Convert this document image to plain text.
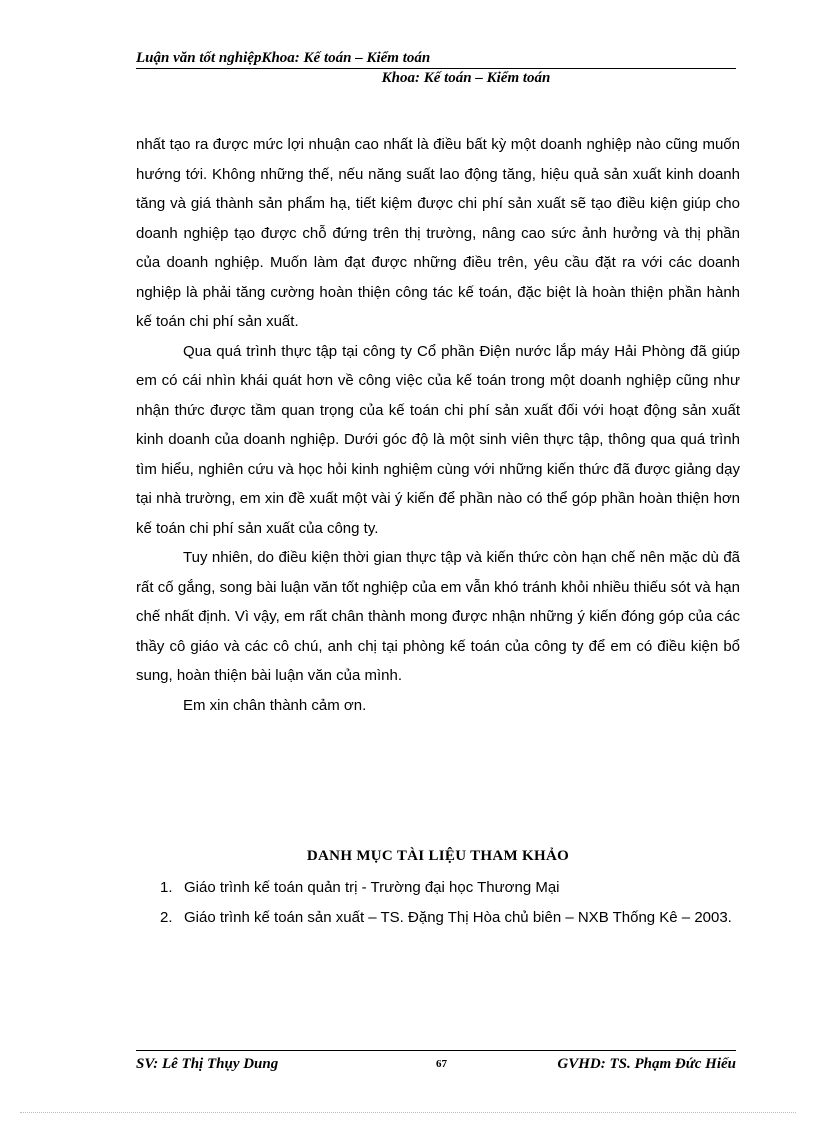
Luận văn tốt nghiệpKhoa: Kế toán – Kiểm toán
Khoa: Kế toán – Kiểm toán

nhất tạo ra được mức lợi nhuận cao nhất là điều bất kỳ một doanh nghiệp nào cũng muốn hướng tới. Không những thế, nếu năng suất lao động tăng, hiệu quả sản xuất kinh doanh tăng và giá thành sản phẩm hạ, tiết kiệm được chi phí sản xuất sẽ tạo điều kiện giúp cho doanh nghiệp tạo được chỗ đứng trên thị trường, nâng cao sức ảnh hưởng và thị phần của doanh nghiệp. Muốn làm đạt được những điều trên, yêu cầu đặt ra với các doanh nghiệp là phải tăng cường hoàn thiện công tác kế toán, đặc biệt là hoàn thiện phần hành kế toán chi phí sản xuất.

Qua quá trình thực tập tại công ty Cổ phần Điện nước lắp máy Hải Phòng đã giúp em có cái nhìn khái quát hơn về công việc của kế toán trong một doanh nghiệp cũng như nhận thức được tầm quan trọng của kế toán chi phí sản xuất đối với hoạt động sản xuất kinh doanh của doanh nghiệp. Dưới góc độ là một sinh viên thực tập, thông qua quá trình tìm hiểu, nghiên cứu và học hỏi kinh nghiệm cùng với những kiến thức đã được giảng dạy tại nhà trường, em xin đề xuất một vài ý kiến để phần nào có thể góp phần hoàn thiện hơn kế toán chi phí sản xuất của công ty.

Tuy nhiên, do điều kiện thời gian thực tập và kiến thức còn hạn chế nên mặc dù đã rất cố gắng, song bài luận văn tốt nghiệp của em vẫn khó tránh khỏi nhiều thiếu sót và hạn chế nhất định. Vì vậy, em rất chân thành mong được nhận những ý kiến đóng góp của các thầy cô giáo và các cô chú, anh chị tại phòng kế toán của công ty để em có điều kiện bổ sung, hoàn thiện bài luận văn của mình.

Em xin chân thành cảm ơn.

DANH MỤC TÀI LIỆU THAM KHẢO
1. Giáo trình kế toán quản trị - Trường đại học Thương Mại
2. Giáo trình kế toán sản xuất – TS. Đặng Thị Hòa chủ biên – NXB Thống Kê – 2003.
SV: Lê Thị Thụy Dung	67	GVHD: TS. Phạm Đức Hiếu
